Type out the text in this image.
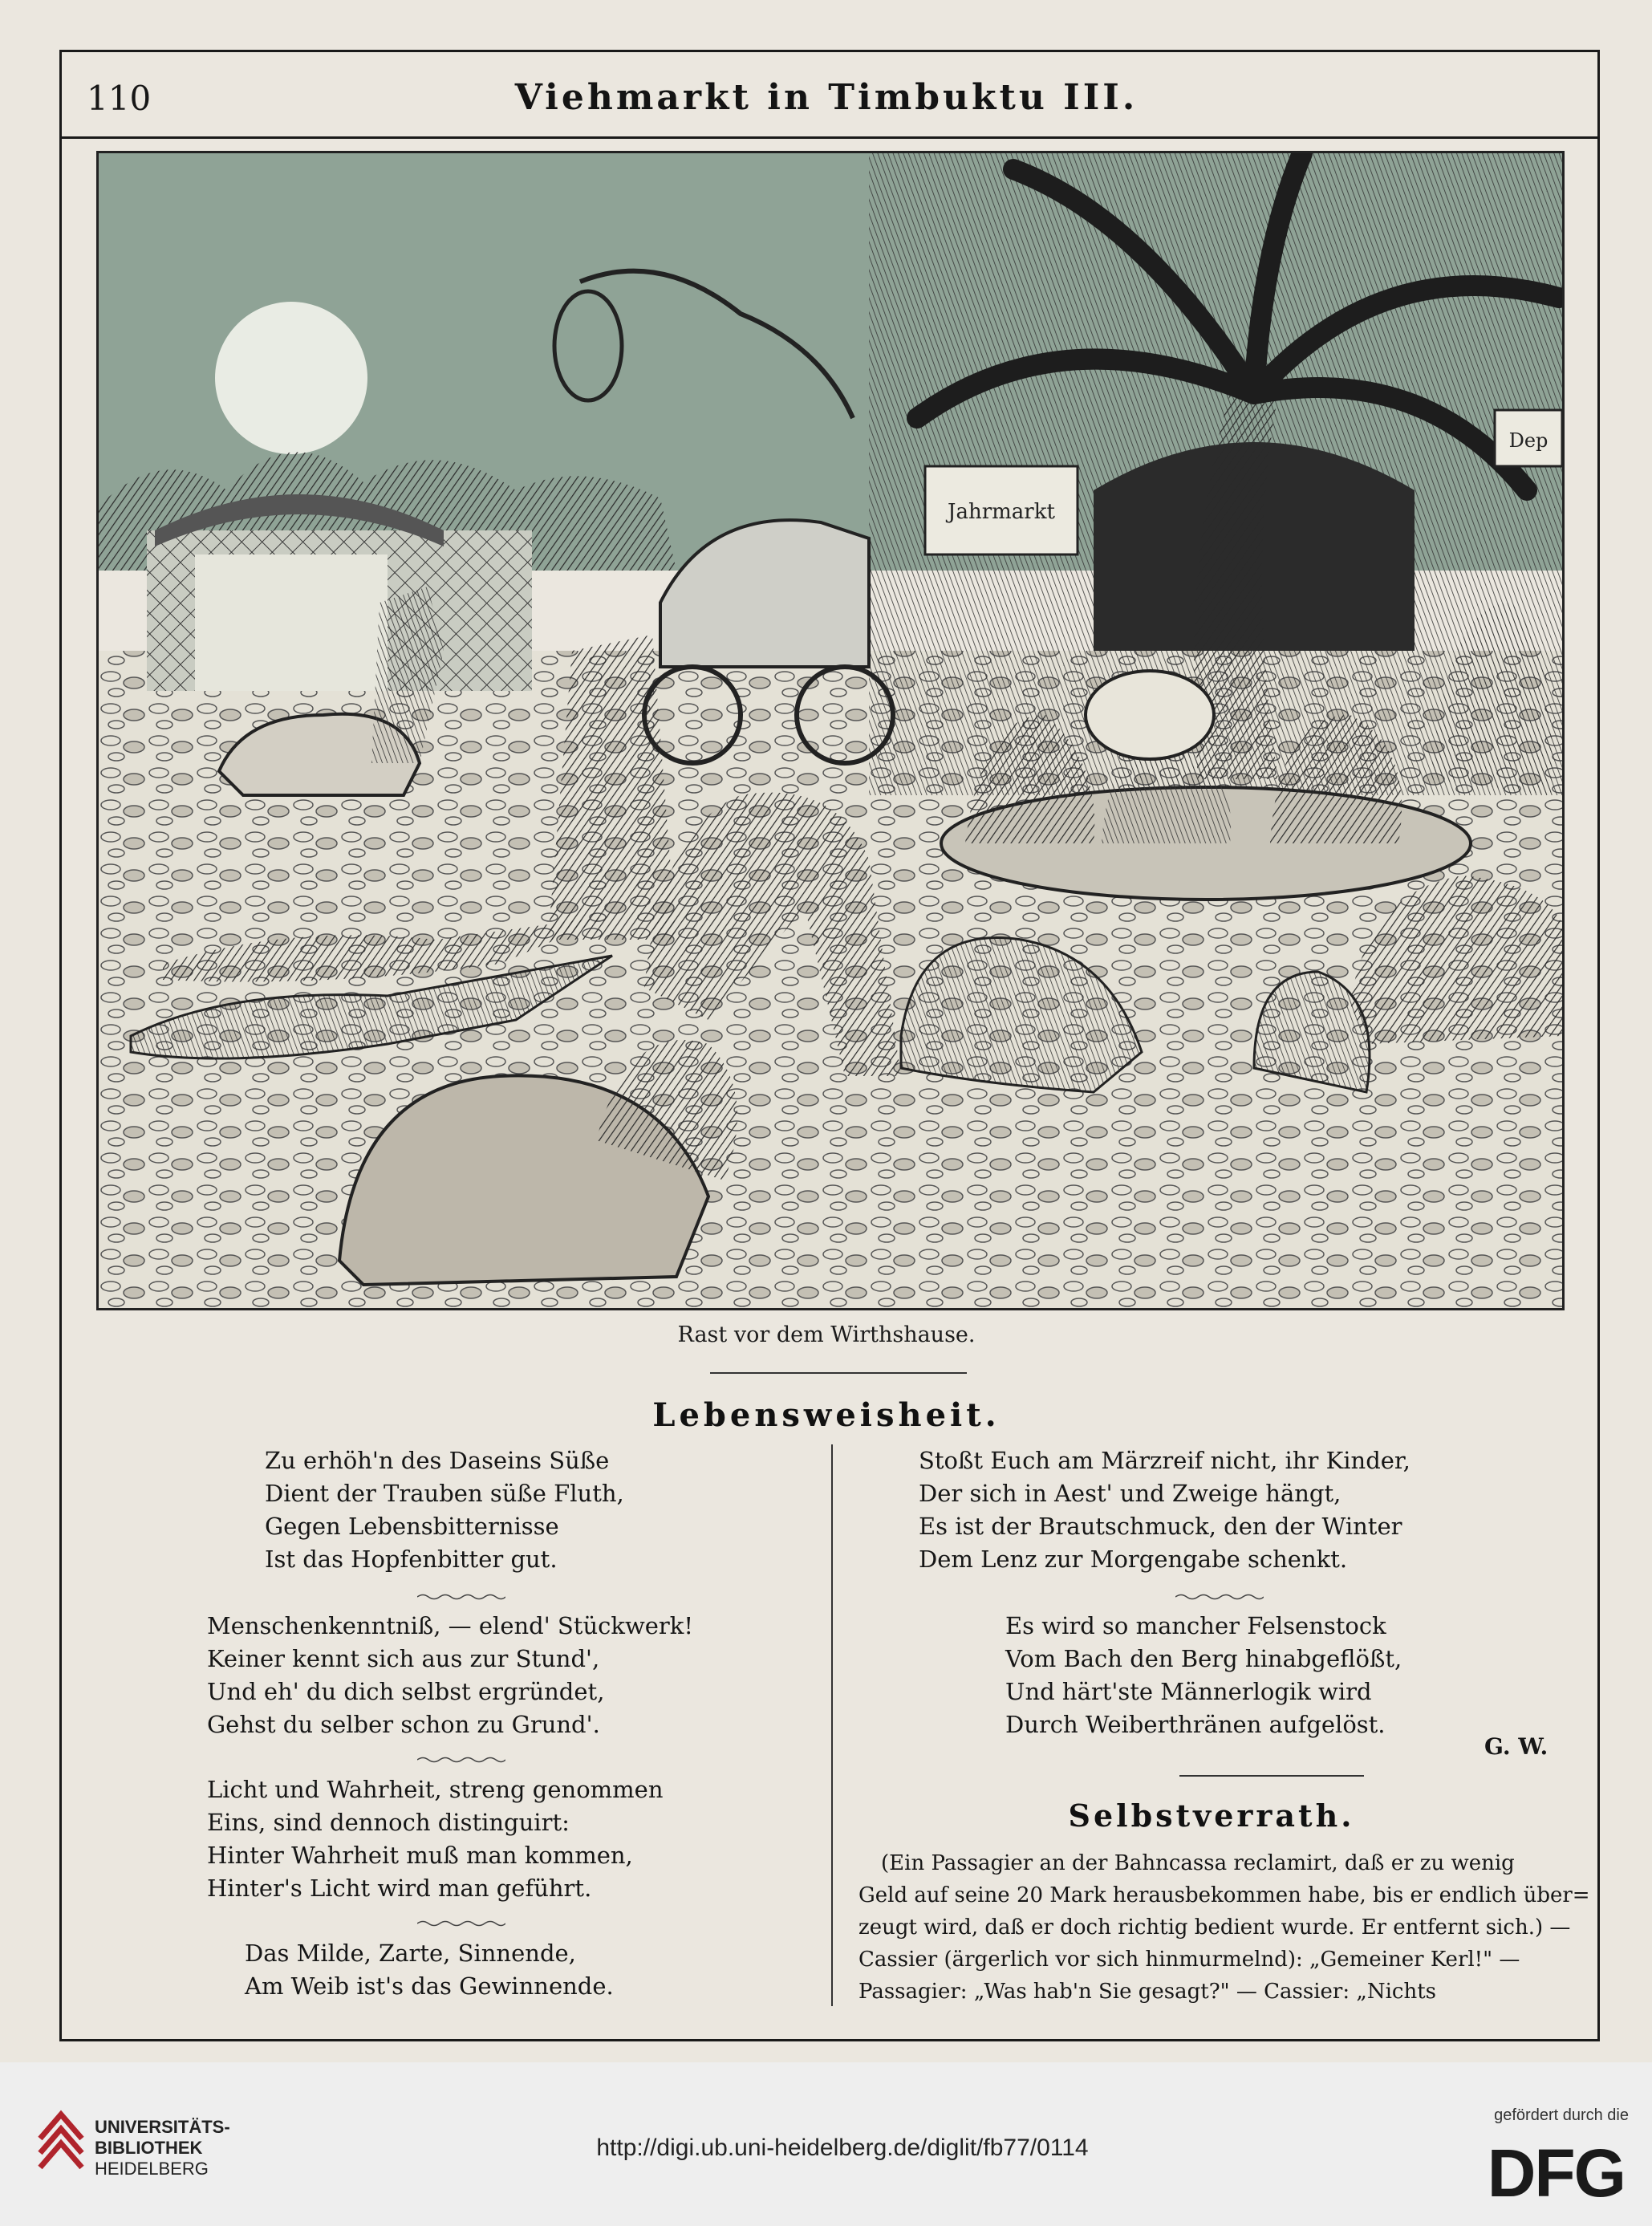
110	Viehmarkt in Timbuktu III.
Jahrmarkt
Dep
Rast vor dem Wirthshause.
Lebensweisheit.
Zu erhöh'n des Daseins Süße
Dient der Trauben süße Fluth,
Gegen Lebensbitternisse
Ist das Hopfenbitter gut.
Menschenkenntniß, — elend' Stückwerk!
Keiner kennt sich aus zur Stund',
Und eh' du dich selbst ergründet,
Gehst du selber schon zu Grund'.
Licht und Wahrheit, streng genommen
Eins, sind dennoch distinguirt:
Hinter Wahrheit muß man kommen,
Hinter's Licht wird man geführt.
Das Milde, Zarte, Sinnende,
Am Weib ist's das Gewinnende.
Stoßt Euch am Märzreif nicht, ihr Kinder,
Der sich in Aest' und Zweige hängt,
Es ist der Brautschmuck, den der Winter
Dem Lenz zur Morgengabe schenkt.
Es wird so mancher Felsenstock
Vom Bach den Berg hinabgeflößt,
Und härt'ste Männerlogik wird
Durch Weiberthränen aufgelöst.
G. W.
Selbstverrath.
(Ein Passagier an der Bahncassa reclamirt, daß er zu wenig
Geld auf seine 20 Mark herausbekommen habe, bis er endlich über=
zeugt wird, daß er doch richtig bedient wurde. Er entfernt sich.) —
Cassier (ärgerlich vor sich hinmurmelnd): „Gemeiner Kerl!" —
Passagier: „Was hab'n Sie gesagt?" — Cassier: „Nichts
UNIVERSITÄTS-
BIBLIOTHEK
HEIDELBERG
http://digi.ub.uni-heidelberg.de/diglit/fb77/0114
gefördert durch die
DFG
